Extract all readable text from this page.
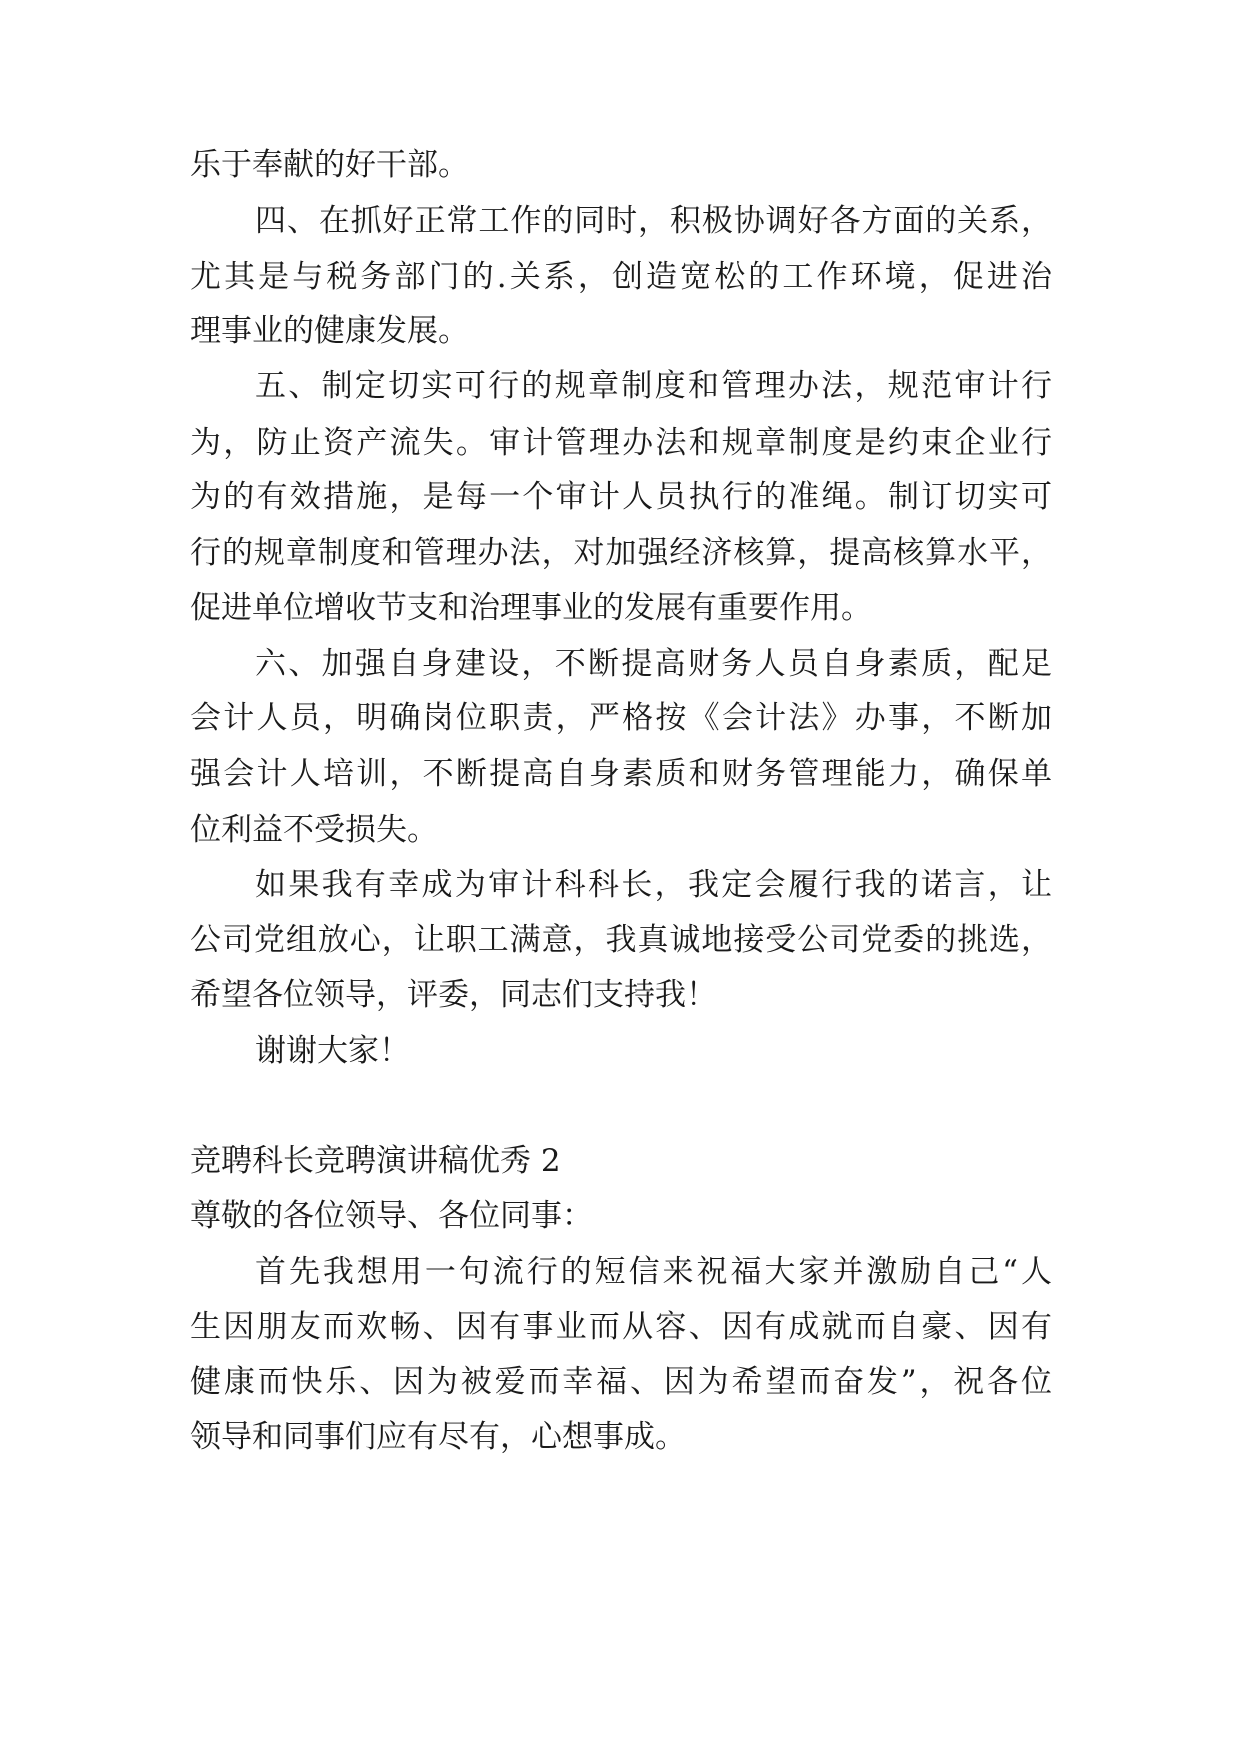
乐于奉献的好干部。
四、在抓好正常工作的同时，积极协调好各方面的关系，
尤其是与税务部门的.关系，创造宽松的工作环境，促进治
理事业的健康发展。
五、制定切实可行的规章制度和管理办法，规范审计行
为，防止资产流失。审计管理办法和规章制度是约束企业行
为的有效措施，是每一个审计人员执行的准绳。制订切实可
行的规章制度和管理办法，对加强经济核算，提高核算水平，
促进单位增收节支和治理事业的发展有重要作用。
六、加强自身建设，不断提高财务人员自身素质，配足
会计人员，明确岗位职责，严格按《会计法》办事，不断加
强会计人培训，不断提高自身素质和财务管理能力，确保单
位利益不受损失。
如果我有幸成为审计科科长，我定会履行我的诺言，让
公司党组放心，让职工满意，我真诚地接受公司党委的挑选，
希望各位领导，评委，同志们支持我！
谢谢大家！
竞聘科长竞聘演讲稿优秀 2
尊敬的各位领导、各位同事：
首先我想用一句流行的短信来祝福大家并激励自己“人
生因朋友而欢畅、因有事业而从容、因有成就而自豪、因有
健康而快乐、因为被爱而幸福、因为希望而奋发”，祝各位
领导和同事们应有尽有，心想事成。
